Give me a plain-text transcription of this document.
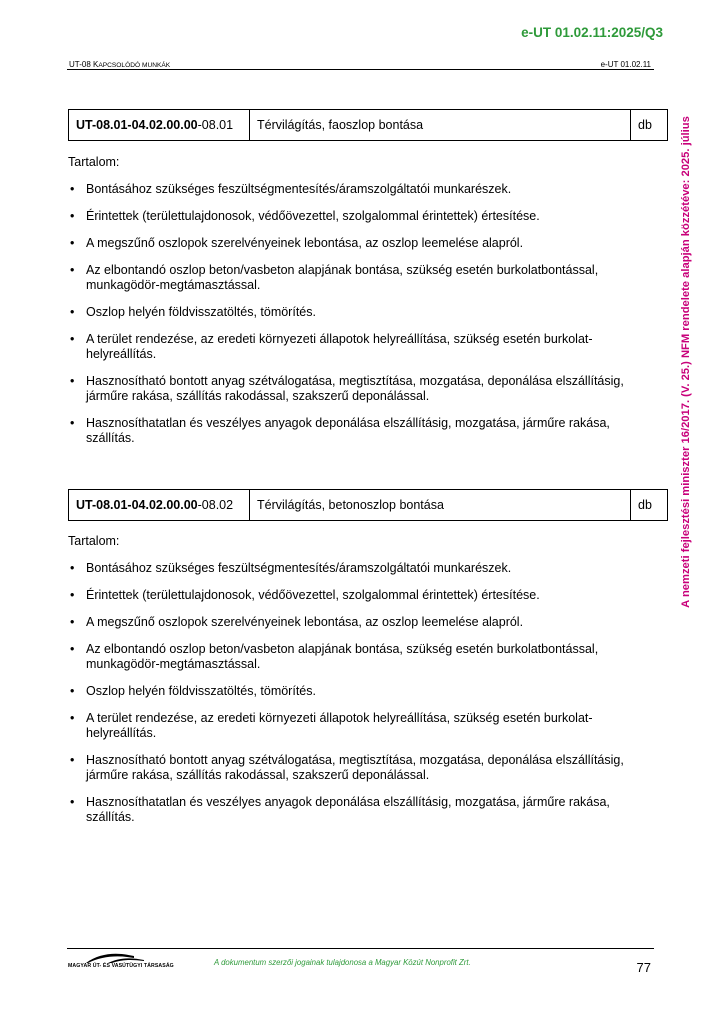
e-UT 01.02.11:2025/Q3
UT-08 KAPCSOLÓDÓ MUNKÁK	e-UT 01.02.11
A nemzeti fejlesztési miniszter 16/2017. (V. 25.) NFM rendelete alapján közzétéve: 2025. július
UT-08.01-04.02.00.00-08.01	Térvilágítás, faoszlop bontása	db
Tartalom:
• Bontásához szükséges feszültségmentesítés/áramszolgáltatói munkarészek.
• Érintettek (területtulajdonosok, védőövezettel, szolgalommal érintettek) értesítése.
• A megszűnő oszlopok szerelvényeinek lebontása, az oszlop leemelése alapról.
• Az elbontandó oszlop beton/vasbeton alapjának bontása, szükség esetén burkolatbontással, munkagödör-megtámasztással.
• Oszlop helyén földvisszatöltés, tömörítés.
• A terület rendezése, az eredeti környezeti állapotok helyreállítása, szükség esetén burkolat-helyreállítás.
• Hasznosítható bontott anyag szétválogatása, megtisztítása, mozgatása, deponálása elszállításig, járműre rakása, szállítás rakodással, szakszerű deponálással.
• Hasznosíthatatlan és veszélyes anyagok deponálása elszállításig, mozgatása, járműre rakása, szállítás.
UT-08.01-04.02.00.00-08.02	Térvilágítás, betonoszlop bontása	db
Tartalom:
• Bontásához szükséges feszültségmentesítés/áramszolgáltatói munkarészek.
• Érintettek (területtulajdonosok, védőövezettel, szolgalommal érintettek) értesítése.
• A megszűnő oszlopok szerelvényeinek lebontása, az oszlop leemelése alapról.
• Az elbontandó oszlop beton/vasbeton alapjának bontása, szükség esetén burkolatbontással, munkagödör-megtámasztással.
• Oszlop helyén földvisszatöltés, tömörítés.
• A terület rendezése, az eredeti környezeti állapotok helyreállítása, szükség esetén burkolat-helyreállítás.
• Hasznosítható bontott anyag szétválogatása, megtisztítása, mozgatása, deponálása elszállításig, járműre rakása, szállítás rakodással, szakszerű deponálással.
• Hasznosíthatatlan és veszélyes anyagok deponálása elszállításig, mozgatása, járműre rakása, szállítás.
MAGYAR ÚT- ÉS VASÚTÜGYI TÁRSASÁG	A dokumentum szerzői jogainak tulajdonosa a Magyar Közút Nonprofit Zrt.	77
